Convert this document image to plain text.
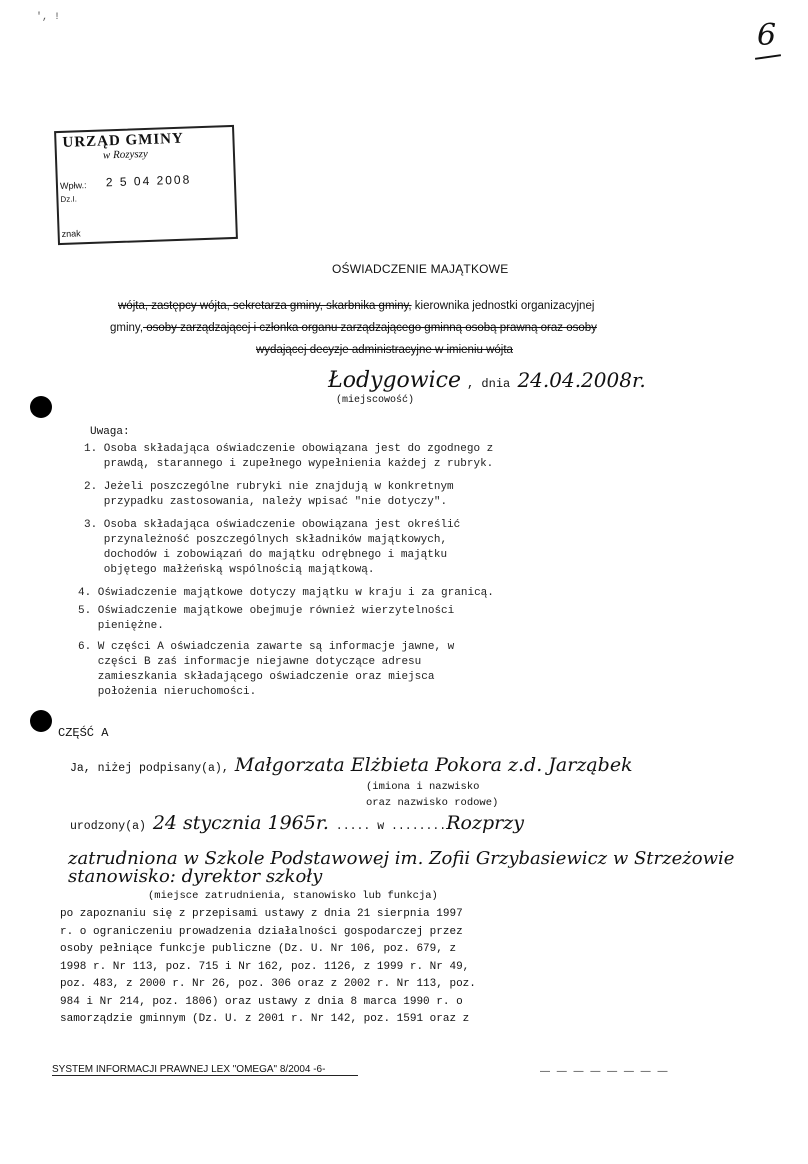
', !
6
URZĄD GMINY
w Rozyszy
Wpłw.: 2 5 04 2008
Dz.I.
znak
OŚWIADCZENIE MAJĄTKOWE
wójta, zastępcy wójta, sekretarza gminy, skarbnika gminy, kierownika jednostki organizacyjnej
gminy, osoby zarządzającej i członka organu zarządzającego gminną osobą prawną oraz osoby
wydającej decyzje administracyjne w imieniu wójta
Łodygowice , dnia 24.04.2008r.
(miejscowość)
Uwaga:
1. Osoba składająca oświadczenie obowiązana jest do zgodnego z
prawdą, starannego i zupełnego wypełnienia każdej z rubryk.
2. Jeżeli poszczególne rubryki nie znajdują w konkretnym
przypadku zastosowania, należy wpisać "nie dotyczy".
3. Osoba składająca oświadczenie obowiązana jest określić
przynależność poszczególnych składników majątkowych,
dochodów i zobowiązań do majątku odrębnego i majątku
objętego małżeńską wspólnością majątkową.
4. Oświadczenie majątkowe dotyczy majątku w kraju i za granicą.
5. Oświadczenie majątkowe obejmuje również wierzytelności
pieniężne.
6. W części A oświadczenia zawarte są informacje jawne, w
części B zaś informacje niejawne dotyczące adresu
zamieszkania składającego oświadczenie oraz miejsca
położenia nieruchomości.
CZĘŚĆ A
Ja, niżej podpisany(a), Małgorzata Elżbieta Pokora z.d. Jarząbek
(imiona i nazwisko
oraz nazwisko rodowe)
urodzony(a) 24 stycznia 1965r. ..... w ........Rozprzy
zatrudniona w Szkole Podstawowej im. Zofii Grzybasiewicz w Strzeżowie
stanowisko: dyrektor szkoły
(miejsce zatrudnienia, stanowisko lub funkcja)
po zapoznaniu się z przepisami ustawy z dnia 21 sierpnia 1997
r. o ograniczeniu prowadzenia działalności gospodarczej przez
osoby pełniące funkcje publiczne (Dz. U. Nr 106, poz. 679, z
1998 r. Nr 113, poz. 715 i Nr 162, poz. 1126, z 1999 r. Nr 49,
poz. 483, z 2000 r. Nr 26, poz. 306 oraz z 2002 r. Nr 113, poz.
984 i Nr 214, poz. 1806) oraz ustawy z dnia 8 marca 1990 r. o
samorządzie gminnym (Dz. U. z 2001 r. Nr 142, poz. 1591 oraz z
SYSTEM INFORMACJI PRAWNEJ LEX "OMEGA" 8/2004 -6-	— — — — — — — —
